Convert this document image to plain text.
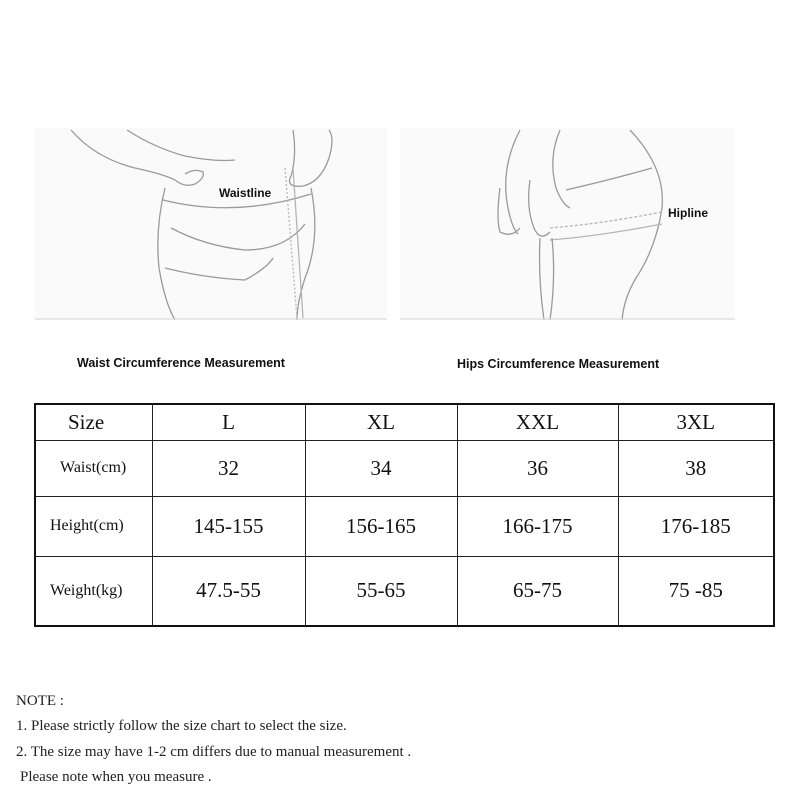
Waistline
Hipline
Waist Circumference Measurement	Hips Circumference Measurement
Size	L	XL	XXL	3XL
Waist(cm)	32	34	36	38
Height(cm)	145-155	156-165	166-175	176-185
Weight(kg)	47.5-55	55-65	65-75	75 -85
NOTE :
1. Please strictly follow the size chart to select the size.
2. The size may have 1-2 cm differs due to manual measurement .
Please note when you measure .
